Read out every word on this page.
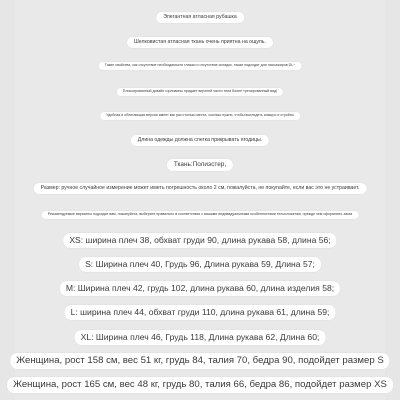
Элегантная атласная рубашка
Шелковистая атласная ткань очень приятна на ощупь.
Такие свойства, как отсутствие необходимости глажки и отсутствие складок, также подходят для пассажиров DL~
Плиссированный дизайн горловины придает верхней части тела более тренированный вид!
Удобная и облегающая версия имеет как раз столько места, сколько нужно, чтобы выглядеть изящно и стройно
Длина одежды должна слегка прикрывать ягодицы.
Ткань:Полиэстер,
Размер: ручное случайное измерение может иметь погрешность около 2 см, пожалуйста, не покупайте, если вас это не устраивает.
Рекомендуемые варианты подходят вам, пожалуйста, выберите правильно в соответствии с вашими индивидуальными особенностями телосложения, прежде чем оформлять заказ
XS: ширина плеч 38, обхват груди 90, длина рукава 58, длина 56;
S: Ширина плеч 40, Грудь 96, Длина рукава 59, Длина 57;
M: Ширина плеч 42, грудь 102, длина рукава 60, длина изделия 58;
L: ширина плеч 44, обхват груди 110, длина рукава 61, длина 59;
XL: Ширина плеч 46, Грудь 118, Длина рукава 62, Длина 60;
Женщина, рост 158 см, вес 51 кг, грудь 84, талия 70, бедра 90, подойдет размер S
Женщина, рост 165 см, вес 48 кг, грудь 80, талия 66, бедра 86, подойдет размер XS
